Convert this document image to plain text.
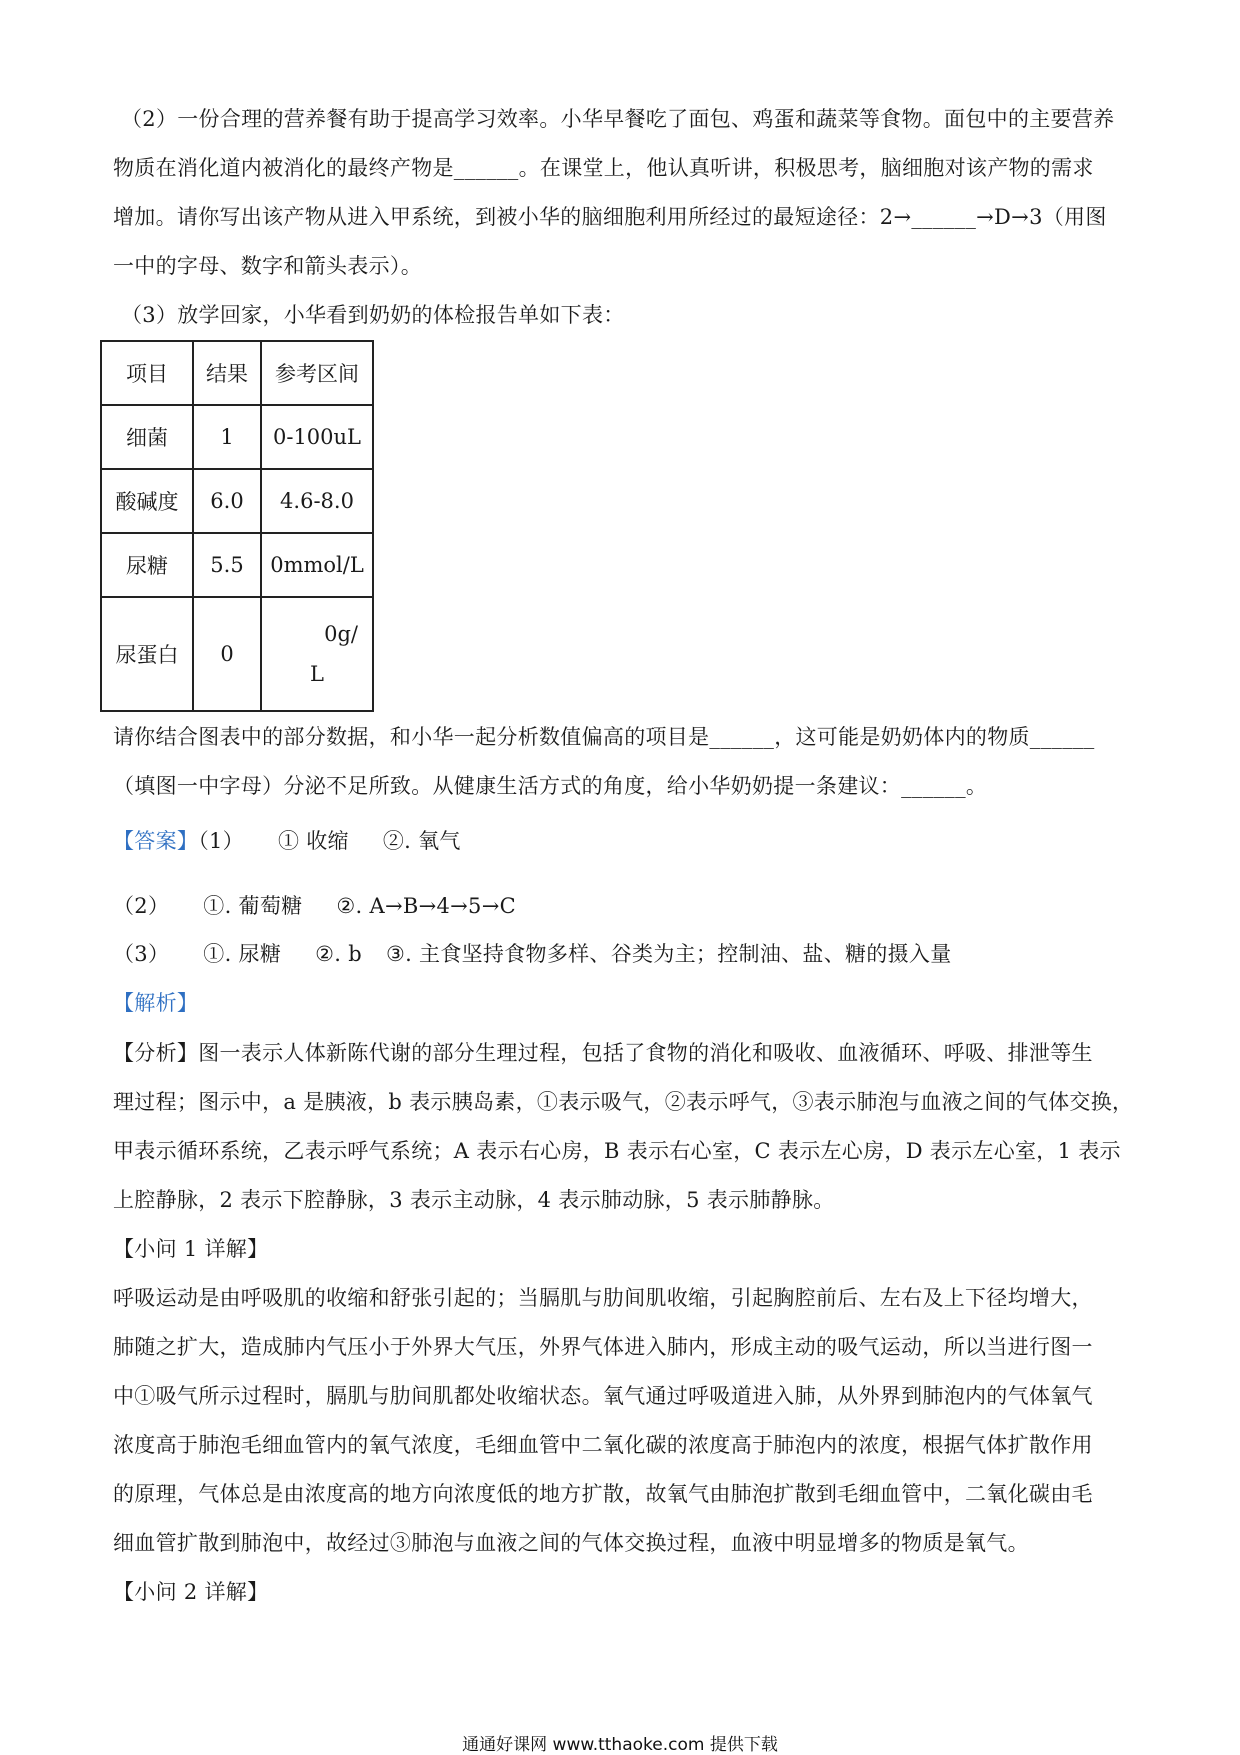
（2）一份合理的营养餐有助于提高学习效率。小华早餐吃了面包、鸡蛋和蔬菜等食物。面包中的主要营养
物质在消化道内被消化的最终产物是______。在课堂上，他认真听讲，积极思考，脑细胞对该产物的需求
增加。请你写出该产物从进入甲系统，到被小华的脑细胞利用所经过的最短途径：2→______→D→3（用图
一中的字母、数字和箭头表示）。
（3）放学回家，小华看到奶奶的体检报告单如下表：
项目	结果	参考区间
细菌	1	0-100uL
酸碱度	6.0	4.6-8.0
尿糖	5.5	0mmol/L
尿蛋白	0	0g/
L
请你结合图表中的部分数据，和小华一起分析数值偏高的项目是______，这可能是奶奶体内的物质______
（填图一中字母）分泌不足所致。从健康生活方式的角度，给小华奶奶提一条建议：______。
【答案】（1） ① 收缩 ②. 氧气
（2） ①. 葡萄糖 ②. A→B→4→5→C
（3） ①. 尿糖 ②. b ③. 主食坚持食物多样、谷类为主；控制油、盐、糖的摄入量
【解析】
【分析】图一表示人体新陈代谢的部分生理过程，包括了食物的消化和吸收、血液循环、呼吸、排泄等生
理过程；图示中，a 是胰液，b 表示胰岛素，①表示吸气，②表示呼气，③表示肺泡与血液之间的气体交换，
甲表示循环系统，乙表示呼气系统；A 表示右心房，B 表示右心室，C 表示左心房，D 表示左心室，1 表示
上腔静脉，2 表示下腔静脉，3 表示主动脉，4 表示肺动脉，5 表示肺静脉。
【小问 1 详解】
呼吸运动是由呼吸肌的收缩和舒张引起的；当膈肌与肋间肌收缩，引起胸腔前后、左右及上下径均增大，
肺随之扩大，造成肺内气压小于外界大气压，外界气体进入肺内，形成主动的吸气运动，所以当进行图一
中①吸气所示过程时，膈肌与肋间肌都处收缩状态。氧气通过呼吸道进入肺，从外界到肺泡内的气体氧气
浓度高于肺泡毛细血管内的氧气浓度，毛细血管中二氧化碳的浓度高于肺泡内的浓度，根据气体扩散作用
的原理，气体总是由浓度高的地方向浓度低的地方扩散，故氧气由肺泡扩散到毛细血管中，二氧化碳由毛
细血管扩散到肺泡中，故经过③肺泡与血液之间的气体交换过程，血液中明显增多的物质是氧气。
【小问 2 详解】
通通好课网 www.tthaoke.com 提供下载
